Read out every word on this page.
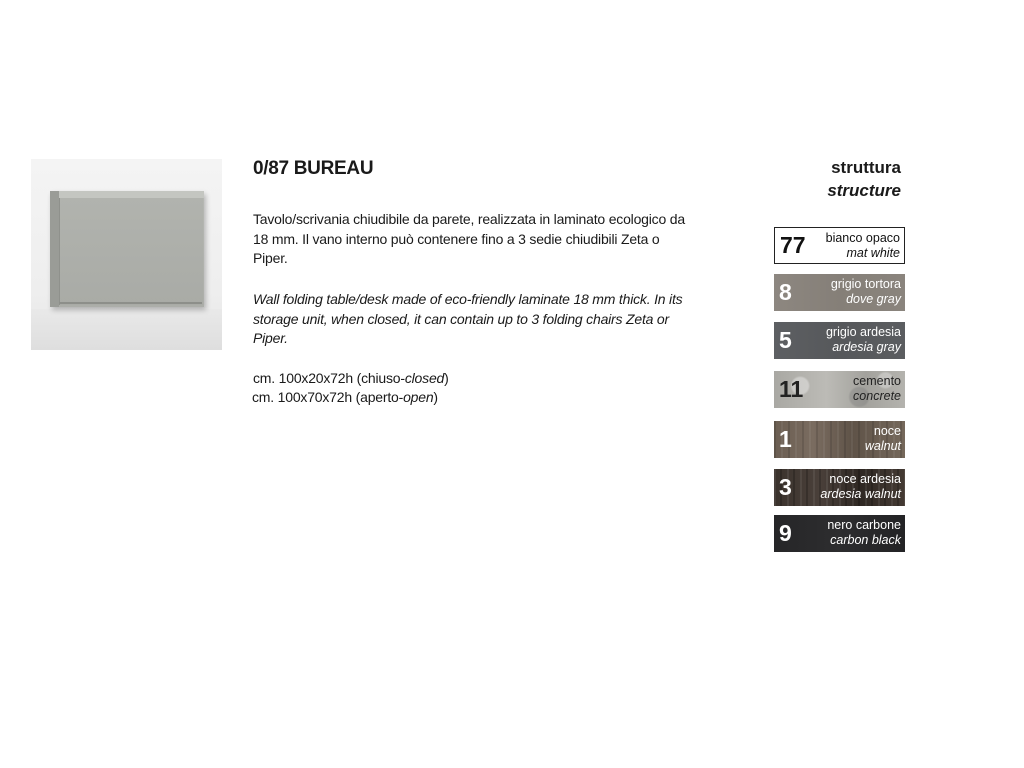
0/87 BUREAU

Tavolo/scrivania chiudibile da parete, realizzata in laminato ecologico da 18 mm. Il vano interno può contenere fino a 3 sedie chiudibili Zeta o Piper.

Wall folding table/desk made of eco-friendly laminate 18 mm thick. In its storage unit, when closed, it can contain up to 3 folding chairs Zeta or Piper.

cm. 100x20x72h (chiuso-closed)
cm. 100x70x72h (aperto-open)
struttura
structure
77 bianco opaco
mat white
8	grigio tortora
dove gray
5	grigio ardesia
ardesia gray
11	cemento
concrete
1	noce
walnut
3	noce ardesia
ardesia walnut
9	nero carbone
carbon black
